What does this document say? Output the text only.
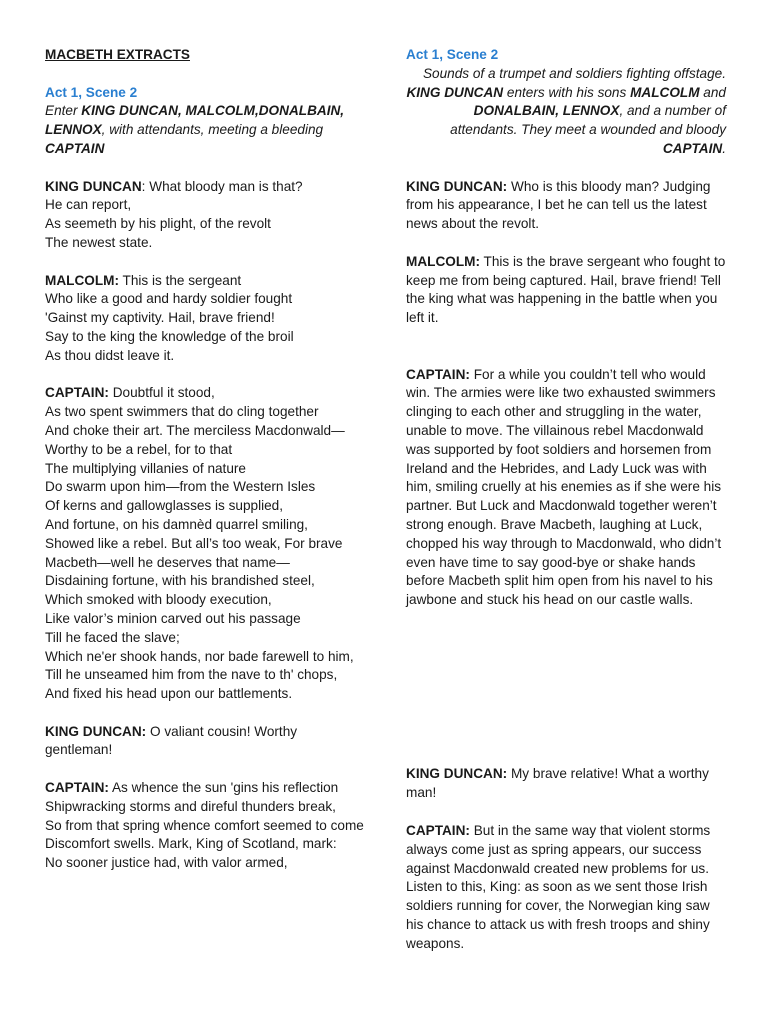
MACBETH EXTRACTS

Act 1, Scene 2

Enter KING DUNCAN, MALCOLM,DONALBAIN, LENNOX, with attendants, meeting a bleeding CAPTAIN

KING DUNCAN: What bloody man is that?
He can report,
As seemeth by his plight, of the revolt
The newest state.
MALCOLM: This is the sergeant
Who like a good and hardy soldier fought
'Gainst my captivity. Hail, brave friend!
Say to the king the knowledge of the broil
As thou didst leave it.
CAPTAIN: Doubtful it stood,
As two spent swimmers that do cling together
And choke their art. The merciless Macdonwald—
Worthy to be a rebel, for to that
The multiplying villanies of nature
Do swarm upon him—from the Western Isles
Of kerns and gallowglasses is supplied,
And fortune, on his damnèd quarrel smiling,
Showed like a rebel. But all’s too weak, For brave
Macbeth—well he deserves that name—
Disdaining fortune, with his brandished steel,
Which smoked with bloody execution,
Like valor’s minion carved out his passage
Till he faced the slave;
Which ne'er shook hands, nor bade farewell to him,
Till he unseamed him from the nave to th' chops,
And fixed his head upon our battlements.
KING DUNCAN: O valiant cousin! Worthy gentleman!
CAPTAIN: As whence the sun 'gins his reflection
Shipwracking storms and direful thunders break,
So from that spring whence comfort seemed to come
Discomfort swells. Mark, King of Scotland, mark:
No sooner justice had, with valor armed,

Act 1, Scene 2

Sounds of a trumpet and soldiers fighting offstage. KING DUNCAN enters with his sons MALCOLM and DONALBAIN, LENNOX, and a number of attendants. They meet a wounded and bloody CAPTAIN.

KING DUNCAN: Who is this bloody man? Judging from his appearance, I bet he can tell us the latest news about the revolt.

MALCOLM: This is the brave sergeant who fought to keep me from being captured. Hail, brave friend! Tell the king what was happening in the battle when you left it.

CAPTAIN: For a while you couldn’t tell who would win. The armies were like two exhausted swimmers clinging to each other and struggling in the water, unable to move. The villainous rebel Macdonwald was supported by foot soldiers and horsemen from Ireland and the Hebrides, and Lady Luck was with him, smiling cruelly at his enemies as if she were his partner. But Luck and Macdonwald together weren’t strong enough. Brave Macbeth, laughing at Luck, chopped his way through to Macdonwald, who didn’t even have time to say good-bye or shake hands before Macbeth split him open from his navel to his jawbone and stuck his head on our castle walls.

KING DUNCAN: My brave relative! What a worthy man!

CAPTAIN: But in the same way that violent storms always come just as spring appears, our success against Macdonwald created new problems for us. Listen to this, King: as soon as we sent those Irish soldiers running for cover, the Norwegian king saw his chance to attack us with fresh troops and shiny weapons.
